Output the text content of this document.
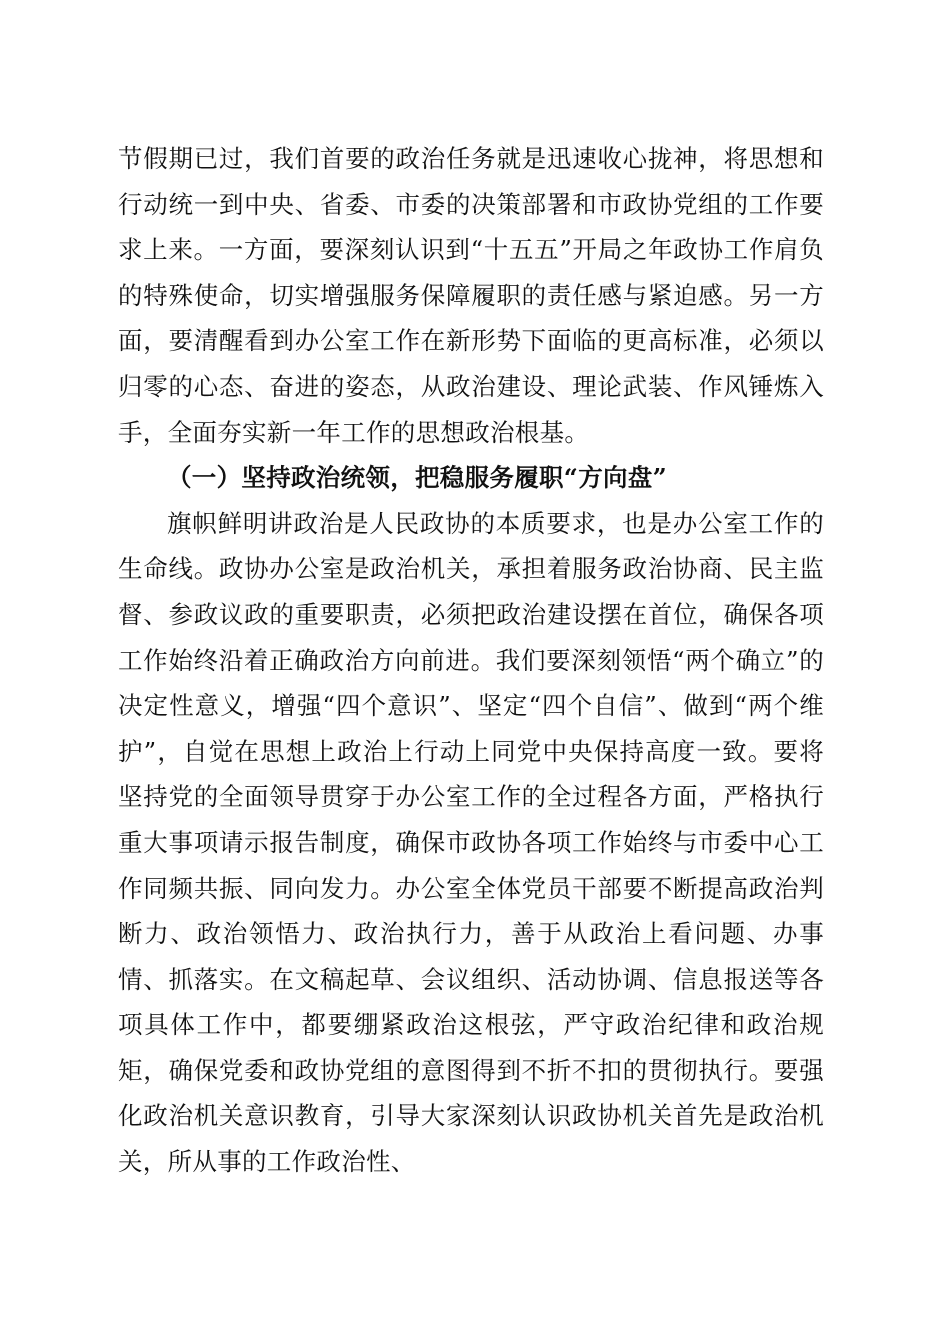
节假期已过，我们首要的政治任务就是迅速收心拢神，将思想和行动统一到中央、省委、市委的决策部署和市政协党组的工作要求上来。一方面，要深刻认识到“十五五”开局之年政协工作肩负的特殊使命，切实增强服务保障履职的责任感与紧迫感。另一方面，要清醒看到办公室工作在新形势下面临的更高标准，必须以归零的心态、奋进的姿态，从政治建设、理论武装、作风锤炼入手，全面夯实新一年工作的思想政治根基。

（一）坚持政治统领，把稳服务履职“方向盘”

旗帜鲜明讲政治是人民政协的本质要求，也是办公室工作的生命线。政协办公室是政治机关，承担着服务政治协商、民主监督、参政议政的重要职责，必须把政治建设摆在首位，确保各项工作始终沿着正确政治方向前进。我们要深刻领悟“两个确立”的决定性意义，增强“四个意识”、坚定“四个自信”、做到“两个维护”，自觉在思想上政治上行动上同党中央保持高度一致。要将坚持党的全面领导贯穿于办公室工作的全过程各方面，严格执行重大事项请示报告制度，确保市政协各项工作始终与市委中心工作同频共振、同向发力。办公室全体党员干部要不断提高政治判断力、政治领悟力、政治执行力，善于从政治上看问题、办事情、抓落实。在文稿起草、会议组织、活动协调、信息报送等各项具体工作中，都要绷紧政治这根弦，严守政治纪律和政治规矩，确保党委和政协党组的意图得到不折不扣的贯彻执行。要强化政治机关意识教育，引导大家深刻认识政协机关首先是政治机关，所从事的工作政治性、
